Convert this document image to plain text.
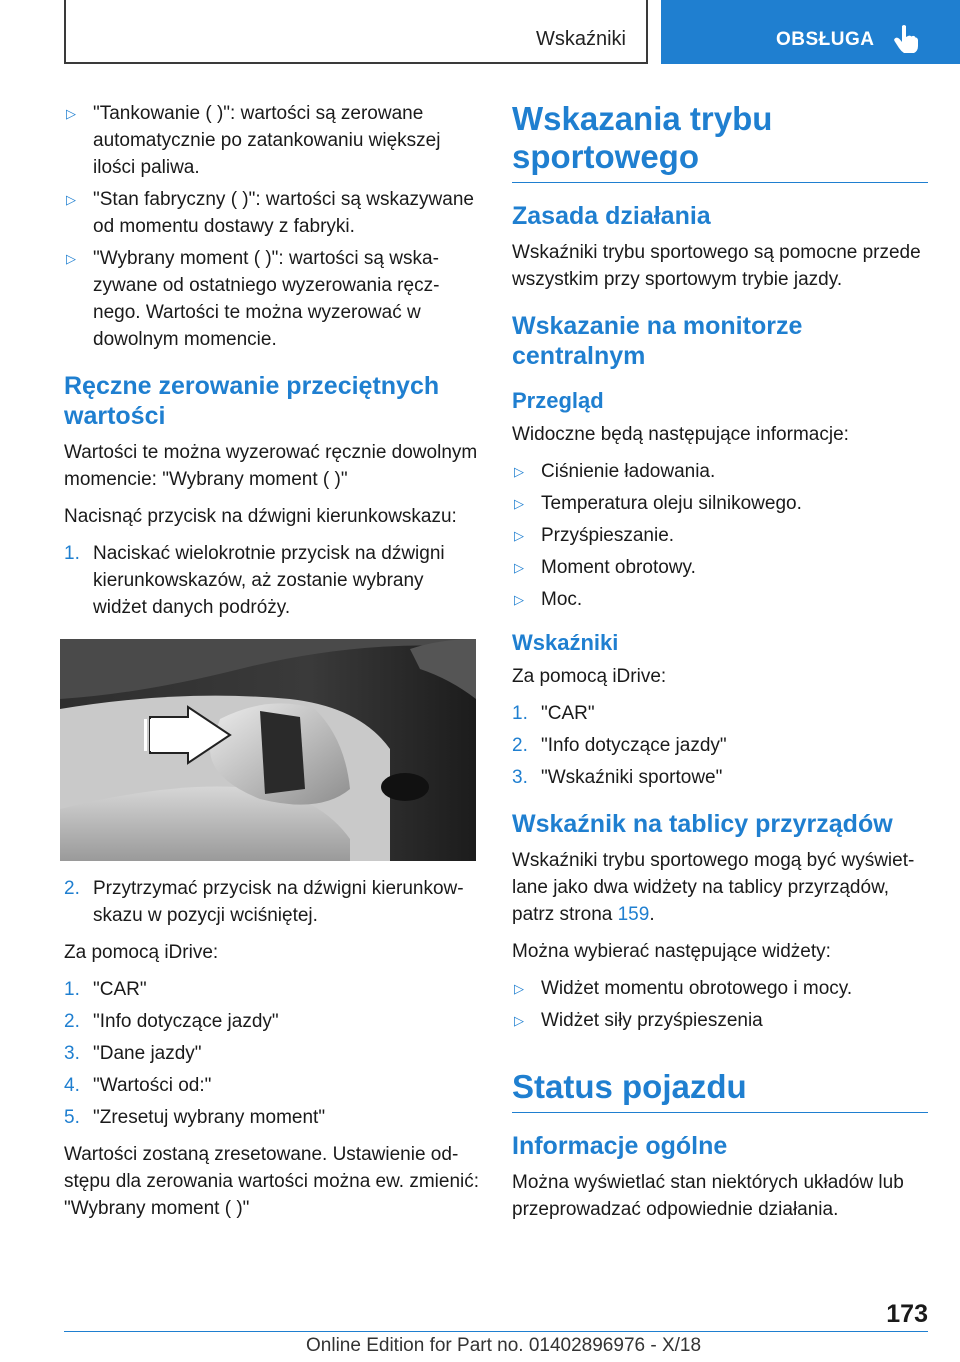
Wskaźniki	OBSŁUGA
▷ "Tankowanie ( )": wartości są zerowane automatycznie po zatankowaniu większej ilości paliwa.
▷ "Stan fabryczny ( )": wartości są wskazywane od momentu dostawy z fabryki.
▷ "Wybrany moment ( )": wartości są wskazywane od ostatniego wyzerowania ręcznego. Wartości te można wyzerować w dowolnym momencie.
Ręczne zerowanie przeciętnych wartości

Wartości te można wyzerować ręcznie dowolnym momencie: "Wybrany moment ( )"

Nacisnąć przycisk na dźwigni kierunkowskazu:

1. Naciskać wielokrotnie przycisk na dźwigni kierunkowskazów, aż zostanie wybrany widżet danych podróży.
2. Przytrzymać przycisk na dźwigni kierunkowskazu w pozycji wciśniętej.

Za pomocą iDrive:

1. "CAR"
2. "Info dotyczące jazdy"
3. "Dane jazdy"
4. "Wartości od:"
5. "Zresetuj wybrany moment"

Wartości zostaną zresetowane. Ustawienie odstępu dla zerowania wartości można ew. zmienić: "Wybrany moment ( )"

Wskazania trybu sportowego
Zasada działania

Wskaźniki trybu sportowego są pomocne przede wszystkim przy sportowym trybie jazdy.

Wskazanie na monitorze centralnym
Przegląd

Widoczne będą następujące informacje:

▷ Ciśnienie ładowania.
▷ Temperatura oleju silnikowego.
▷ Przyśpieszanie.
▷ Moment obrotowy.
▷ Moc.
Wskaźniki

Za pomocą iDrive:

1. "CAR"
2. "Info dotyczące jazdy"
3. "Wskaźniki sportowe"
Wskaźnik na tablicy przyrządów

Wskaźniki trybu sportowego mogą być wyświetlane jako dwa widżety na tablicy przyrządów, patrz strona 159.

Można wybierać następujące widżety:

▷ Widżet momentu obrotowego i mocy.
▷ Widżet siły przyśpieszenia
Status pojazdu
Informacje ogólne

Można wyświetlać stan niektórych układów lub przeprowadzać odpowiednie działania.

173
Online Edition for Part no. 01402896976 - X/18
